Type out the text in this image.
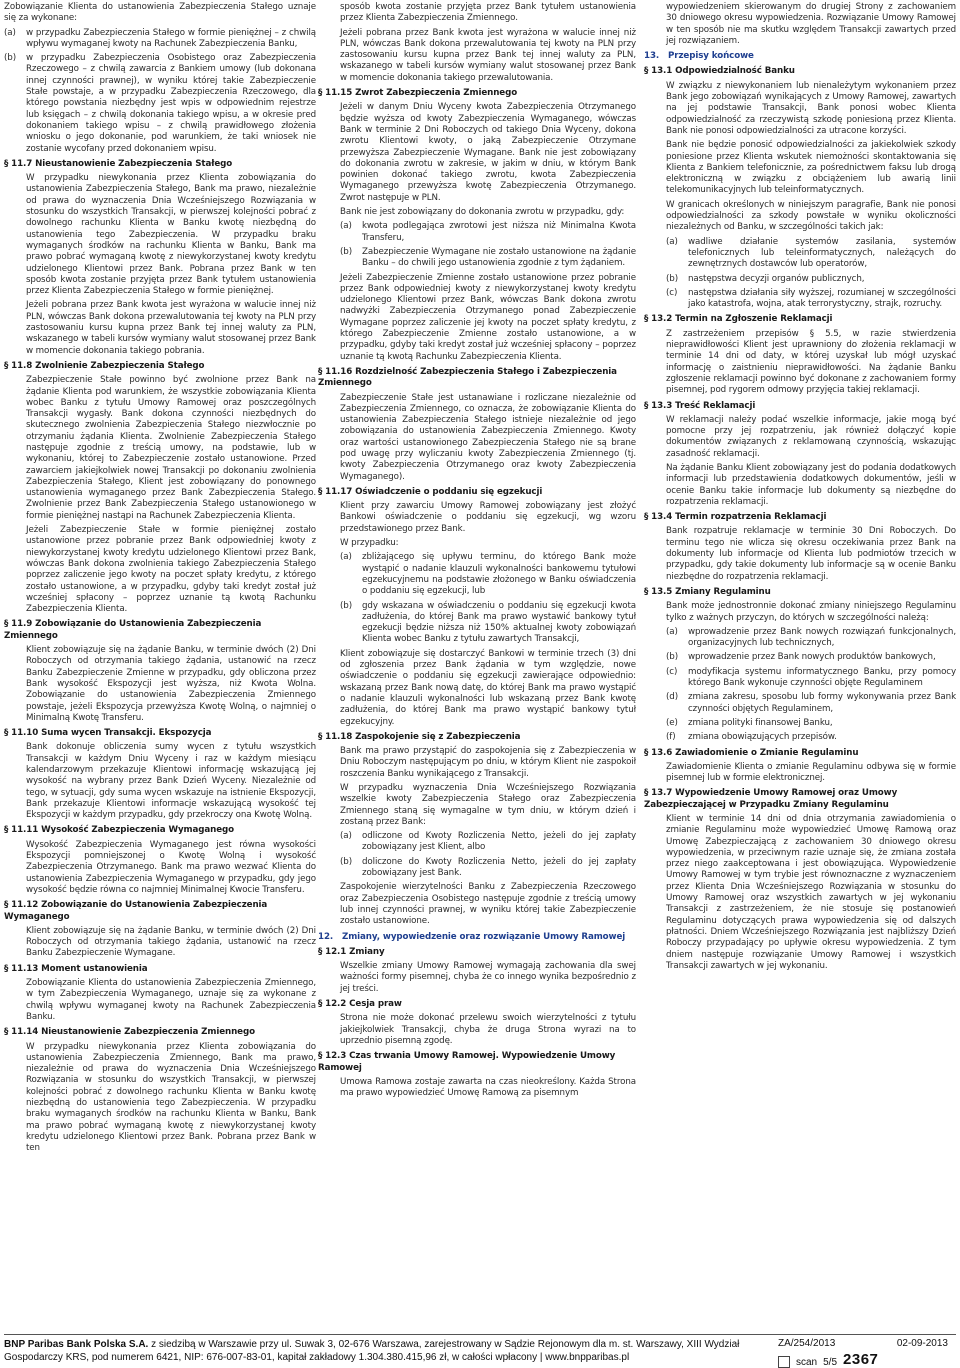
Zobowiązanie Klienta do ustanowienia Zabezpieczenia Stałego uznaje się za wykonane:

(a)	w przypadku Zabezpieczenia Stałego w formie pieniężnej – z chwilą wpływu wymaganej kwoty na Rachunek Zabezpieczenia Banku,
(b)	w przypadku Zabezpieczenia Osobistego oraz Zabezpieczenia Rzeczowego – z chwilą zawarcia z Bankiem umowy (lub dokonana innej czynności prawnej), w wyniku której takie Zabezpieczenie Stałe powstaje, a w przypadku Zabezpieczenia Rzeczowego, dla którego powstania niezbędny jest wpis w odpowiednim rejestrze lub księgach – z chwilą dokonania takiego wpisu, a w okresie pred dokonaniem takiego wpisu – z chwilą prawidłowego złożenia wniosku o jego dokonanie, pod warunkiem, że taki wniosek nie zostanie wycofany przed dokonaniem wpisu.
§ 11.7 Nieustanowienie Zabezpieczenia Stałego

W przypadku niewykonania przez Klienta zobowiązania do ustanowienia Zabezpieczenia Stałego, Bank ma prawo, niezależnie od prawa do wyznaczenia Dnia Wcześniejszego Rozwiązania w stosunku do wszystkich Transakcji, w pierwszej kolejności pobrać z dowolnego rachunku Klienta w Banku kwotę niezbędną do ustanowienia tego Zabezpieczenia. W przypadku braku wymaganych środków na rachunku Klienta w Banku, Bank ma prawo pobrać wymaganą kwotę z niewykorzystanej kwoty kredytu udzielonego Klientowi przez Bank. Pobrana przez Bank w ten sposób kwota zostanie przyjęta przez Bank tytułem ustanowienia przez Klienta Zabezpieczenia Stałego w formie pieniężnej.

Jeżeli pobrana przez Bank kwota jest wyrażona w walucie innej niż PLN, wówczas Bank dokona przewalutowania tej kwoty na PLN przy zastosowaniu kursu kupna przez Bank tej innej waluty za PLN, wskazanego w tabeli kursów wymiany walut stosowanej przez Bank w momencie dokonania takiego pobrania.

§ 11.8 Zwolnienie Zabezpieczenia Stałego

Zabezpieczenie Stałe powinno być zwolnione przez Bank na żądanie Klienta pod warunkiem, że wszystkie zobowiązania Klienta wobec Banku z tytułu Umowy Ramowej oraz poszczególnych Transakcji wygasły. Bank dokona czynności niezbędnych do skutecznego zwolnienia Zabezpieczenia Stałego niezwłocznie po otrzymaniu żądania Klienta. Zwolnienie Zabezpieczenia Stałego następuje zgodnie z treścią umowy, na podstawie, lub w wykonaniu, której to Zabezpieczenie zostało ustanowione. Przed zawarciem jakiejkolwiek nowej Transakcji po dokonaniu zwolnienia Zabezpieczenia Stałego, Klient jest zobowiązany do ponownego ustanowienia wymaganego przez Bank Zabezpieczenia Stałego. Zwolnienie przez Bank Zabezpieczenia Stałego ustanowionego w formie pieniężnej nastąpi na Rachunek Zabezpieczenia Klienta.

Jeżeli Zabezpieczenie Stałe w formie pieniężnej zostało ustanowione przez pobranie przez Bank odpowiedniej kwoty z niewykorzystanej kwoty kredytu udzielonego Klientowi przez Bank, wówczas Bank dokona zwolnienia takiego Zabezpieczenia Stałego poprzez zaliczenie jego kwoty na poczet spłaty kredytu, z którego zostało ustanowione, a w przypadku, gdyby taki kredyt został już wcześniej spłacony – poprzez uznanie tą kwotą Rachunku Zabezpieczenia Klienta.

§ 11.9 Zobowiązanie do Ustanowienia Zabezpieczenia Zmiennego

Klient zobowiązuje się na żądanie Banku, w terminie dwóch (2) Dni Roboczych od otrzymania takiego żądania, ustanowić na rzecz Banku Zabezpieczenie Zmienne w przypadku, gdy obliczona przez Bank wysokość Ekspozycji jest wyższa, niż Kwota Wolna. Zobowiązanie do ustanowienia Zabezpieczenia Zmiennego powstaje, jeżeli Ekspozycja przewyższa Kwotę Wolną, o najmniej o Minimalną Kwotę Transferu.

§ 11.10 Suma wycen Transakcji. Ekspozycja

Bank dokonuje obliczenia sumy wycen z tytułu wszystkich Transakcji w każdym Dniu Wyceny i raz w każdym miesiącu kalendarzowym przekazuje Klientowi informację wskazującą jej wysokość na wybrany przez Bank Dzień Wyceny. Niezależnie od tego, w sytuacji, gdy suma wycen wskazuje na istnienie Ekspozycji, Bank przekazuje Klientowi informacje wskazującą wysokość tej Ekspozycji w każdym przypadku, gdy przekroczy ona Kwotę Wolną.

§ 11.11 Wysokość Zabezpieczenia Wymaganego

Wysokość Zabezpieczenia Wymaganego jest równa wysokości Ekspozycji pomniejszonej o Kwotę Wolną i wysokość Zabezpieczenia Otrzymanego. Bank ma prawo wezwać Klienta do ustanowienia Zabezpieczenia Wymaganego w przypadku, gdy jego wysokość będzie równa co najmniej Minimalnej Kwocie Transferu.

§ 11.12 Zobowiązanie do Ustanowienia Zabezpieczenia Wymaganego

Klient zobowiązuje się na żądanie Banku, w terminie dwóch (2) Dni Roboczych od otrzymania takiego żądania, ustanowić na rzecz Banku Zabezpieczenie Wymagane.

§ 11.13 Moment ustanowienia

Zobowiązanie Klienta do ustanowienia Zabezpieczenia Zmiennego, w tym Zabezpieczenia Wymaganego, uznaje się za wykonane z chwilą wpływu wymaganej kwoty na Rachunek Zabezpieczenia Banku.

§ 11.14 Nieustanowienie Zabezpieczenia Zmiennego

W przypadku niewykonania przez Klienta zobowiązania do ustanowienia Zabezpieczenia Zmiennego, Bank ma prawo, niezależnie od prawa do wyznaczenia Dnia Wcześniejszego Rozwiązania w stosunku do wszystkich Transakcji, w pierwszej kolejności pobrać z dowolnego rachunku Klienta w Banku kwotę niezbędną do ustanowienia tego Zabezpieczenia. W przypadku braku wymaganych środków na rachunku Klienta w Banku, Bank ma prawo pobrać wymaganą kwotę z niewykorzystanej kwoty kredytu udzielonego Klientowi przez Bank. Pobrana przez Bank w ten

sposób kwota zostanie przyjęta przez Bank tytułem ustanowienia przez Klienta Zabezpieczenia Zmiennego.

Jeżeli pobrana przez Bank kwota jest wyrażona w walucie innej niż PLN, wówczas Bank dokona przewalutowania tej kwoty na PLN przy zastosowaniu kursu kupna przez Bank tej innej waluty za PLN, wskazanego w tabeli kursów wymiany walut stosowanej przez Bank w momencie dokonania takiego przewalutowania.

§ 11.15 Zwrot Zabezpieczenia Zmiennego

Jeżeli w danym Dniu Wyceny kwota Zabezpieczenia Otrzymanego będzie wyższa od kwoty Zabezpieczenia Wymaganego, wówczas Bank w terminie 2 Dni Roboczych od takiego Dnia Wyceny, dokona zwrotu Klientowi kwoty, o jaką Zabezpieczenie Otrzymane przewyższa Zabezpieczenie Wymagane. Bank nie jest zobowiązany do dokonania zwrotu w zakresie, w jakim w dniu, w którym Bank powinien dokonać takiego zwrotu, kwota Zabezpieczenia Wymaganego przewyższa kwotę Zabezpieczenia Otrzymanego. Zwrot następuje w PLN.

Bank nie jest zobowiązany do dokonania zwrotu w przypadku, gdy:

(a)	kwota podlegająca zwrotowi jest niższa niż Minimalna Kwota Transferu,
(b)	Zabezpieczenie Wymagane nie zostało ustanowione na żądanie Banku – do chwili jego ustanowienia zgodnie z tym żądaniem.

Jeżeli Zabezpieczenie Zmienne zostało ustanowione przez pobranie przez Bank odpowiedniej kwoty z niewykorzystanej kwoty kredytu udzielonego Klientowi przez Bank, wówczas Bank dokona zwrotu nadwyżki Zabezpieczenia Otrzymanego ponad Zabezpieczenie Wymagane poprzez zaliczenie jej kwoty na poczet spłaty kredytu, z którego Zabezpieczenie Zmienne zostało ustanowione, a w przypadku, gdyby taki kredyt został już wcześniej spłacony – poprzez uznanie tą kwotą Rachunku Zabezpieczenia Klienta.

§ 11.16 Rozdzielność Zabezpieczenia Stałego i Zabezpieczenia Zmiennego

Zabezpieczenie Stałe jest ustanawiane i rozliczane niezależnie od Zabezpieczenia Zmiennego, co oznacza, że zobowiązanie Klienta do ustanowienia Zabezpieczenia Stałego istnieje niezależnie od jego zobowiązania do ustanowienia Zabezpieczenia Zmiennego. Kwoty oraz wartości ustanowionego Zabezpieczenia Stałego nie są brane pod uwagę przy wyliczaniu kwoty Zabezpieczenia Zmiennego (tj. kwoty Zabezpieczenia Otrzymanego oraz kwoty Zabezpieczenia Wymaganego).

§ 11.17 Oświadczenie o poddaniu się egzekucji

Klient przy zawarciu Umowy Ramowej zobowiązany jest złożyć Bankowi oświadczenie o poddaniu się egzekucji, wg wzoru przedstawionego przez Bank.

W przypadku:

(a)	zbliżającego się upływu terminu, do którego Bank może wystąpić o nadanie klauzuli wykonalności bankowemu tytułowi egzekucyjnemu na podstawie złożonego w Banku oświadczenia o poddaniu się egzekucji, lub
(b)	gdy wskazana w oświadczeniu o poddaniu się egzekucji kwota zadłużenia, do której Bank ma prawo wystawić bankowy tytuł egzekucji będzie niższa niż 150% aktualnej kwoty zobowiązań Klienta wobec Banku z tytułu zawartych Transakcji,

Klient zobowiązuje się dostarczyć Bankowi w terminie trzech (3) dni od zgłoszenia przez Bank żądania w tym względzie, nowe oświadczenie o poddaniu się egzekucji zawierające odpowiednio: wskazaną przez Bank nową datę, do której Bank ma prawo wystąpić o nadanie klauzuli wykonalności lub wskazaną przez Bank kwotę zadłużenia, do której Bank ma prawo wystąpić bankowy tytuł egzekucyjny.

§ 11.18 Zaspokojenie się z Zabezpieczenia

Bank ma prawo przystąpić do zaspokojenia się z Zabezpieczenia w Dniu Roboczym następującym po dniu, w którym Klient nie zaspokoił roszczenia Banku wynikającego z Transakcji.

W przypadku wyznaczenia Dnia Wcześniejszego Rozwiązania wszelkie kwoty Zabezpieczenia Stałego oraz Zabezpieczenia Zmiennego staną się wymagalne w tym dniu, w którym dzień i zostaną przez Bank:

(a)	odliczone od Kwoty Rozliczenia Netto, jeżeli do jej zapłaty zobowiązany jest Klient, albo
(b)	doliczone do Kwoty Rozliczenia Netto, jeżeli do jej zapłaty zobowiązany jest Bank.

Zaspokojenie wierzytelności Banku z Zabezpieczenia Rzeczowego oraz Zabezpieczenia Osobistego następuje zgodnie z treścią umowy lub innej czynności prawnej, w wyniku której takie Zabezpieczenie zostało ustanowione.

12. Zmiany, wypowiedzenie oraz rozwiązanie Umowy Ramowej
§ 12.1 Zmiany

Wszelkie zmiany Umowy Ramowej wymagają zachowania dla swej ważności formy pisemnej, chyba że co innego wynika bezpośrednio z jej treści.

§ 12.2 Cesja praw

Strona nie może dokonać przelewu swoich wierzytelności z tytułu jakiejkolwiek Transakcji, chyba że druga Strona wyrazi na to uprzednio pisemną zgodę.

§ 12.3 Czas trwania Umowy Ramowej. Wypowiedzenie Umowy Ramowej

Umowa Ramowa zostaje zawarta na czas nieokreślony. Każda Strona ma prawo wypowiedzieć Umowę Ramową za pisemnym

wypowiedzeniem skierowanym do drugiej Strony z zachowaniem 30 dniowego okresu wypowiedzenia. Rozwiązanie Umowy Ramowej w ten sposób nie ma skutku względem Transakcji zawartych przed jej rozwiązaniem.

13. Przepisy końcowe
§ 13.1 Odpowiedzialność Banku

W związku z niewykonaniem lub nienależytym wykonaniem przez Bank jego zobowiązań wynikających z Umowy Ramowej, zawartych na jej podstawie Transakcji, Bank ponosi wobec Klienta odpowiedzialność za rzeczywistą szkodę poniesioną przez Klienta. Bank nie ponosi odpowiedzialności za utracone korzyści.

Bank nie będzie ponosić odpowiedzialności za jakiekolwiek szkody poniesione przez Klienta wskutek niemożności skontaktowania się Klienta z Bankiem telefonicznie, za pośrednictwem faksu lub drogą elektroniczną w związku z obciążeniem lub awarią linii telekomunikacyjnych lub teleinformatycznych.

W granicach określonych w niniejszym paragrafie, Bank nie ponosi odpowiedzialności za szkody powstałe w wyniku okoliczności niezależnych od Banku, w szczególności takich jak:

(a)	wadliwe działanie systemów zasilania, systemów telefonicznych lub teleinformatycznych, należących do zewnętrznych dostawców lub operatorów,
(b)	następstwa decyzji organów publicznych,
(c)	następstwa działania siły wyższej, rozumianej w szczególności jako katastrofa, wojna, atak terrorystyczny, strajk, rozruchy.
§ 13.2 Termin na Zgłoszenie Reklamacji

Z zastrzeżeniem przepisów § 5.5, w razie stwierdzenia nieprawidłowości Klient jest uprawniony do złożenia reklamacji w terminie 14 dni od daty, w której uzyskał lub mógł uzyskać informację o zaistnieniu nieprawidłowości. Na żądanie Banku zgłoszenie reklamacji powinno być dokonane z zachowaniem formy pisemnej, pod rygorem odmowy przyjęcia takiej reklamacji.

§ 13.3 Treść Reklamacji

W reklamacji należy podać wszelkie informacje, jakie mogą być pomocne przy jej rozpatrzeniu, jak również dołączyć kopie dokumentów związanych z reklamowaną czynnością, wskazując zasadność reklamacji.

Na żądanie Banku Klient zobowiązany jest do podania dodatkowych informacji lub przedstawienia dodatkowych dokumentów, jeśli w ocenie Banku takie informacje lub dokumenty są niezbędne do rozpatrzenia reklamacji.

§ 13.4 Termin rozpatrzenia Reklamacji

Bank rozpatruje reklamacje w terminie 30 Dni Roboczych. Do terminu tego nie wlicza się okresu oczekiwania przez Bank na dokumenty lub informacje od Klienta lub podmiotów trzecich w przypadku, gdy takie dokumenty lub informacje są w ocenie Banku niezbędne do rozpatrzenia reklamacji.

§ 13.5 Zmiany Regulaminu

Bank może jednostronnie dokonać zmiany niniejszego Regulaminu tylko z ważnych przyczyn, do których w szczególności należą:

(a)	wprowadzenie przez Bank nowych rozwiązań funkcjonalnych, organizacyjnych lub technicznych,
(b)	wprowadzenie przez Bank nowych produktów bankowych,
(c)	modyfikacja systemu informatycznego Banku, przy pomocy którego Bank wykonuje czynności objęte Regulaminem
(d)	zmiana zakresu, sposobu lub formy wykonywania przez Bank czynności objętych Regulaminem,
(e)	zmiana polityki finansowej Banku,
(f)	zmiana obowiązujących przepisów.
§ 13.6 Zawiadomienie o Zmianie Regulaminu

Zawiadomienie Klienta o zmianie Regulaminu odbywa się w formie pisemnej lub w formie elektronicznej.

§ 13.7 Wypowiedzenie Umowy Ramowej oraz Umowy Zabezpieczającej w Przypadku Zmiany Regulaminu

Klient w terminie 14 dni od dnia otrzymania zawiadomienia o zmianie Regulaminu może wypowiedzieć Umowę Ramową oraz Umowę Zabezpieczającą z zachowaniem 30 dniowego okresu wypowiedzenia, w przeciwnym razie uznaje się, że zmiana została przez niego zaakceptowana i jest obowiązująca. Wypowiedzenie Umowy Ramowej w tym trybie jest równoznaczne z wyznaczeniem przez Klienta Dnia Wcześniejszego Rozwiązania w stosunku do Umowy Ramowej oraz wszystkich zawartych w jej wykonaniu Transakcji z zastrzeżeniem, że nie stosuje się postanowień Regulaminu dotyczących prawa wypowiedzenia się od dalszych płatności. Dniem Wcześniejszego Rozwiązania jest najbliższy Dzień Roboczy przypadający po upływie okresu wypowiedzenia. Z tym dniem następuje rozwiązanie Umowy Ramowej i wszystkich Transakcji zawartych w jej wykonaniu.

BNP Paribas Bank Polska S.A. z siedzibą w Warszawie przy ul. Suwak 3, 02-676 Warszawa, zarejestrowany w Sądzie Rejonowym dla m. st. Warszawy, XIII Wydział
Gospodarczy KRS, pod numerem 6421, NIP: 676-007-83-01, kapitał zakładowy 1.304.380.415,96 zł, w całości wpłacony | www.bnpparibas.pl
ZA/254/2013	02-09-2013
scan 5/5 2367
